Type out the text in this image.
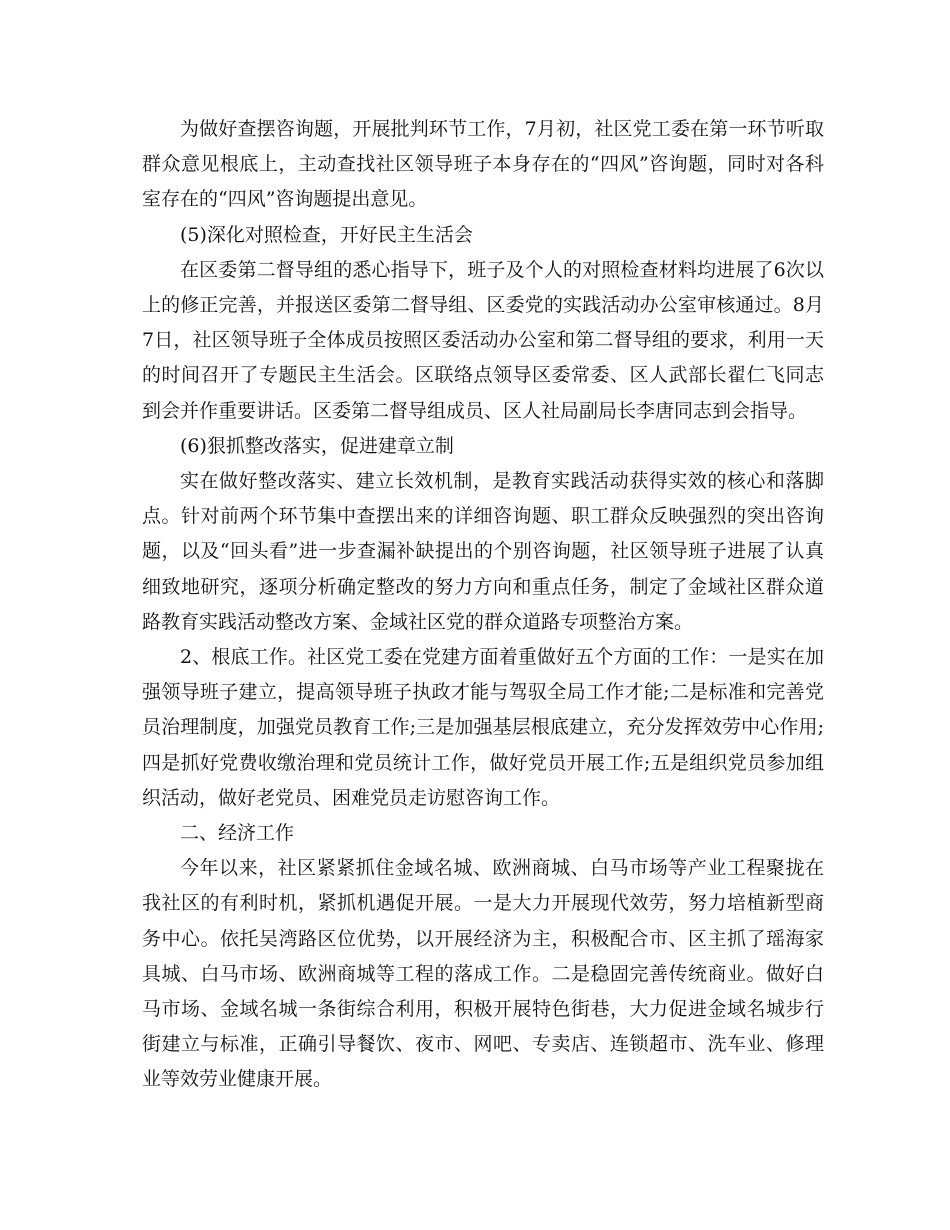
为做好查摆咨询题，开展批判环节工作，7月初，社区党工委在第一环节听取群众意见根底上，主动查找社区领导班子本身存在的“四风”咨询题，同时对各科室存在的“四风”咨询题提出意见。

(5)深化对照检查，开好民主生活会

在区委第二督导组的悉心指导下，班子及个人的对照检查材料均进展了6次以上的修正完善，并报送区委第二督导组、区委党的实践活动办公室审核通过。8月7日，社区领导班子全体成员按照区委活动办公室和第二督导组的要求，利用一天的时间召开了专题民主生活会。区联络点领导区委常委、区人武部长翟仁飞同志到会并作重要讲话。区委第二督导组成员、区人社局副局长李唐同志到会指导。

(6)狠抓整改落实，促进建章立制

实在做好整改落实、建立长效机制，是教育实践活动获得实效的核心和落脚点。针对前两个环节集中查摆出来的详细咨询题、职工群众反映强烈的突出咨询题，以及“回头看”进一步查漏补缺提出的个别咨询题，社区领导班子进展了认真细致地研究，逐项分析确定整改的努力方向和重点任务，制定了金域社区群众道路教育实践活动整改方案、金域社区党的群众道路专项整治方案。

2、根底工作。社区党工委在党建方面着重做好五个方面的工作：一是实在加强领导班子建立，提高领导班子执政才能与驾驭全局工作才能;二是标准和完善党员治理制度，加强党员教育工作;三是加强基层根底建立，充分发挥效劳中心作用;四是抓好党费收缴治理和党员统计工作，做好党员开展工作;五是组织党员参加组织活动，做好老党员、困难党员走访慰咨询工作。

二、经济工作

今年以来，社区紧紧抓住金域名城、欧洲商城、白马市场等产业工程聚拢在我社区的有利时机，紧抓机遇促开展。一是大力开展现代效劳，努力培植新型商务中心。依托吴湾路区位优势，以开展经济为主，积极配合市、区主抓了瑶海家具城、白马市场、欧洲商城等工程的落成工作。二是稳固完善传统商业。做好白马市场、金域名城一条街综合利用，积极开展特色街巷，大力促进金域名城步行街建立与标准，正确引导餐饮、夜市、网吧、专卖店、连锁超市、洗车业、修理业等效劳业健康开展。
